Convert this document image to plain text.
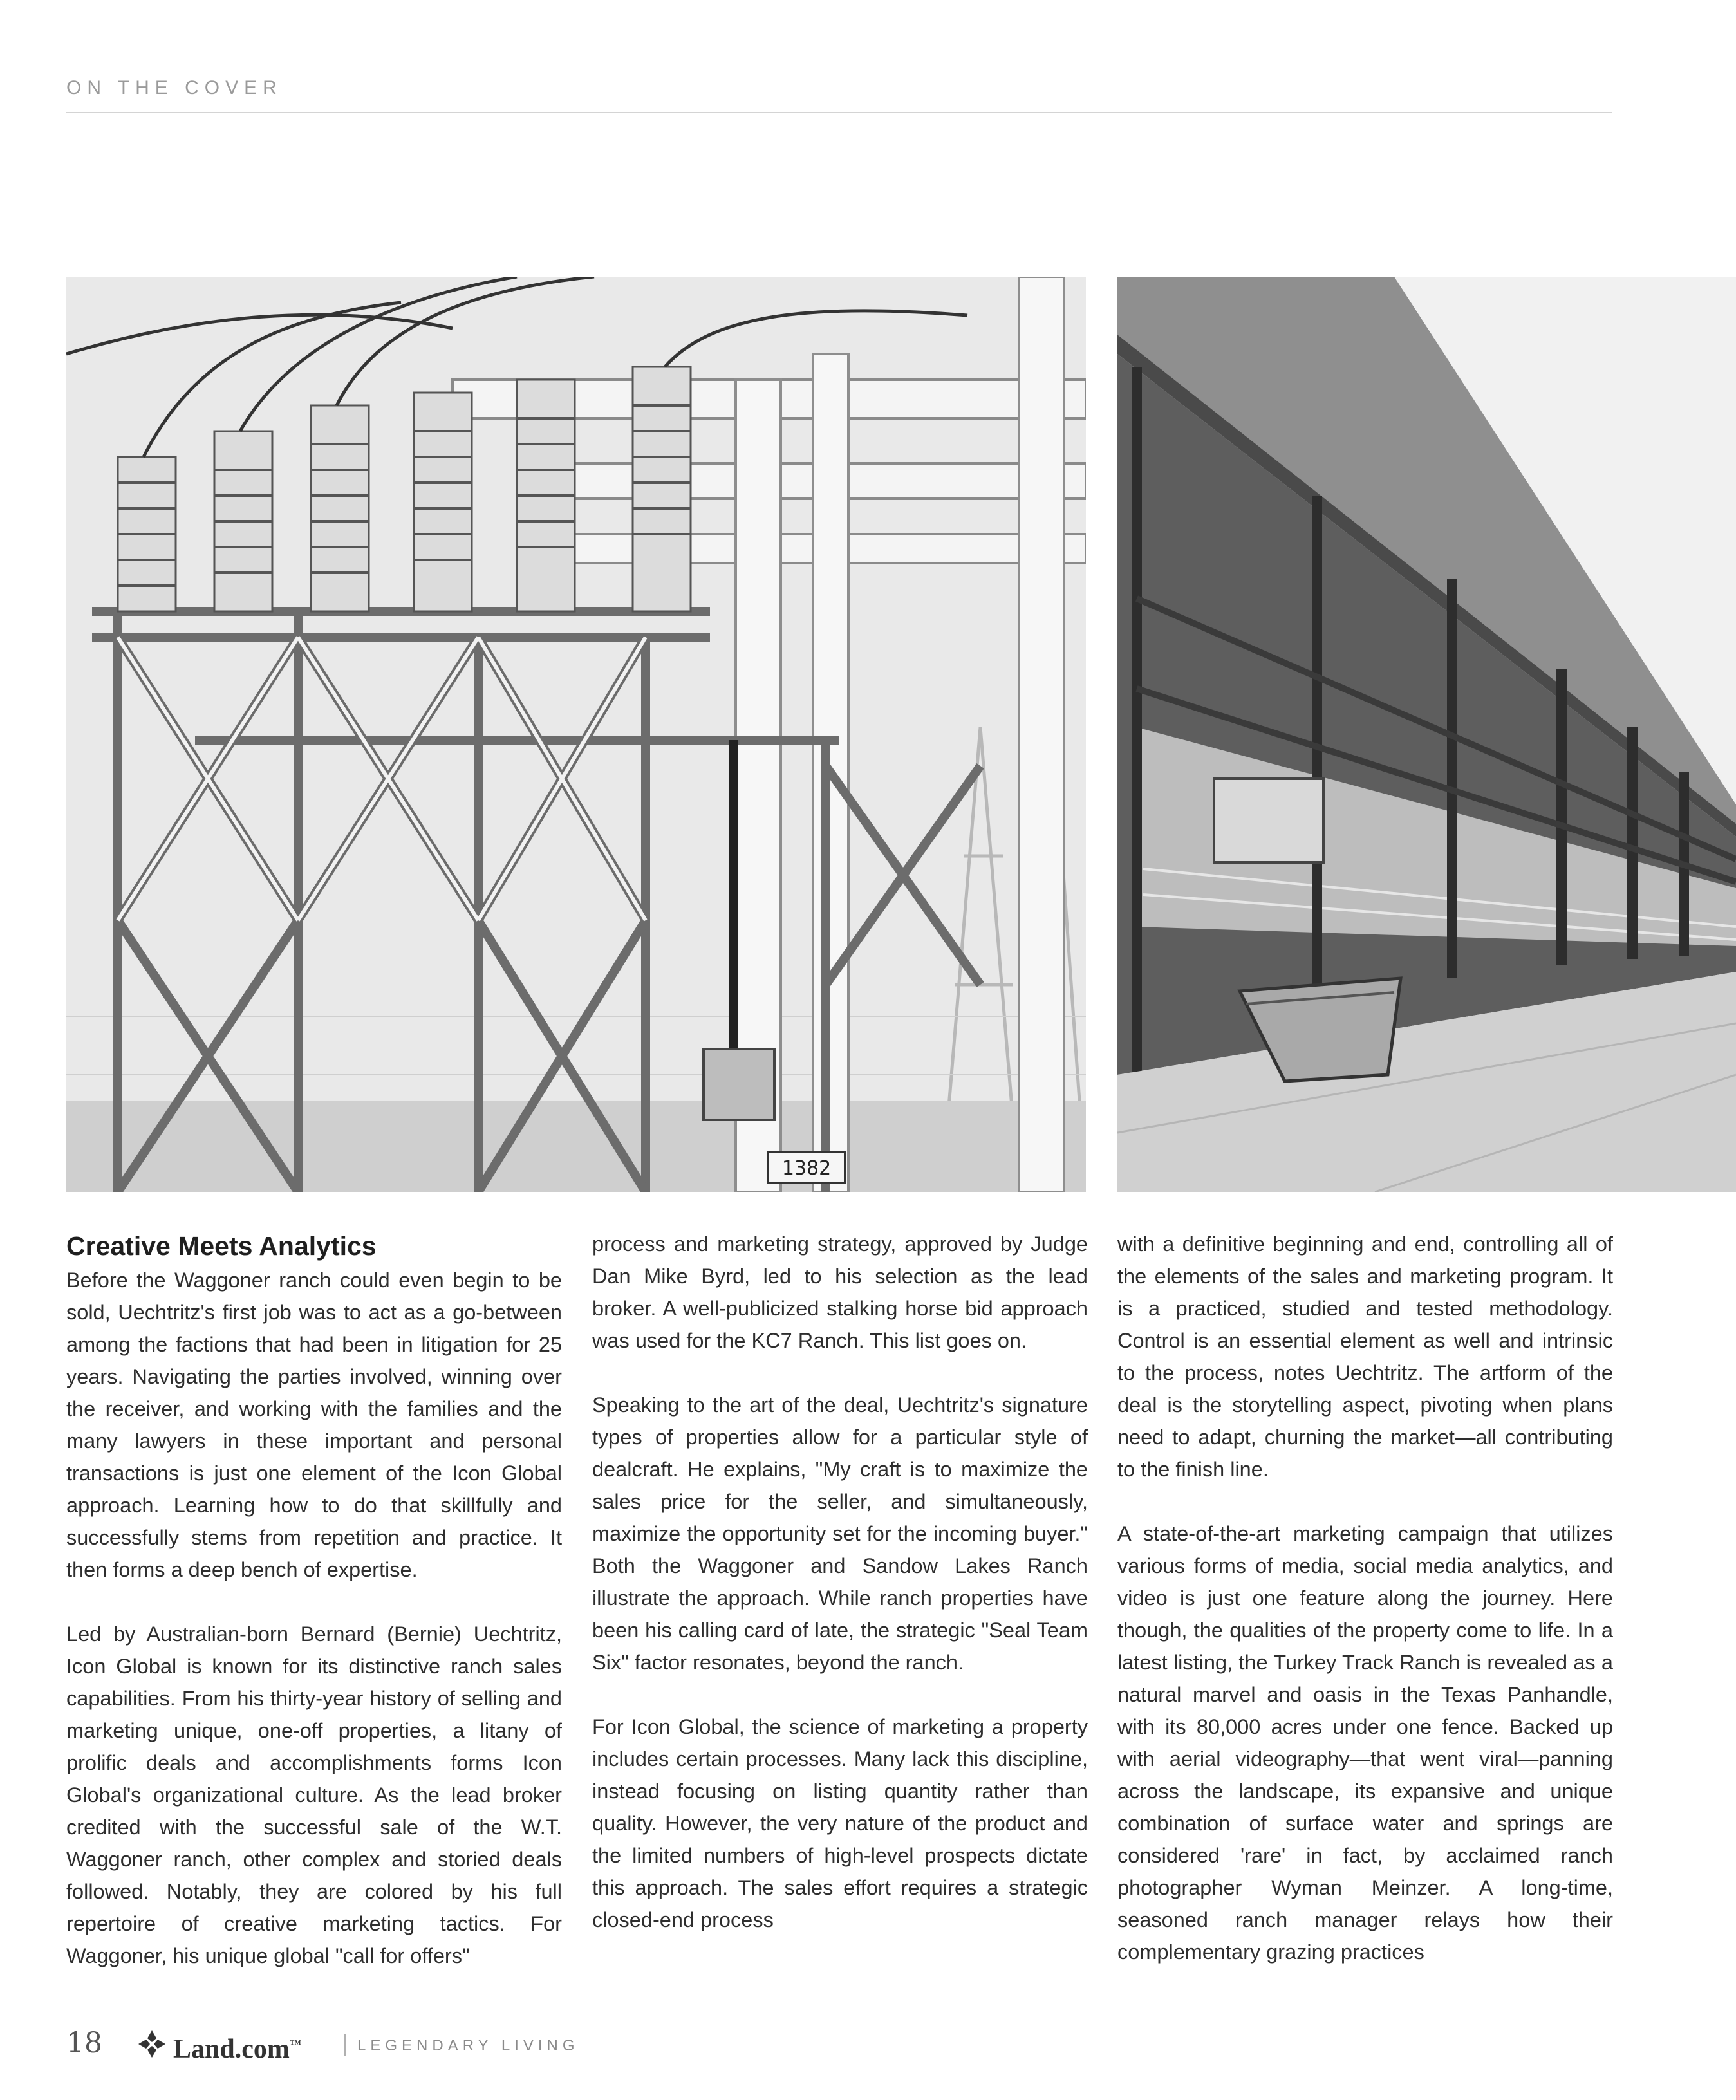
ON THE COVER
1382
Creative Meets Analytics

Before the Waggoner ranch could even begin to be sold, Uechtritz's first job was to act as a go-between among the factions that had been in litigation for 25 years. Navigating the parties involved, winning over the receiver, and working with the families and the many lawyers in these important and personal transactions is just one element of the Icon Global approach. Learning how to do that skillfully and successfully stems from repetition and practice. It then forms a deep bench of expertise.

Led by Australian-born Bernard (Bernie) Uechtritz, Icon Global is known for its distinctive ranch sales capabilities. From his thirty-year history of selling and marketing unique, one-off properties, a litany of prolific deals and accomplishments forms Icon Global's organizational culture. As the lead broker credited with the successful sale of the W.T. Waggoner ranch, other complex and storied deals followed. Notably, they are colored by his full repertoire of creative marketing tactics. For Waggoner, his unique global "call for offers"

process and marketing strategy, approved by Judge Dan Mike Byrd, led to his selection as the lead broker. A well-publicized stalking horse bid approach was used for the KC7 Ranch. This list goes on.

Speaking to the art of the deal, Uechtritz's signature types of properties allow for a particular style of dealcraft. He explains, "My craft is to maximize the sales price for the seller, and simultaneously, maximize the opportunity set for the incoming buyer." Both the Waggoner and Sandow Lakes Ranch illustrate the approach. While ranch properties have been his calling card of late, the strategic "Seal Team Six" factor resonates, beyond the ranch.

For Icon Global, the science of marketing a property includes certain processes. Many lack this discipline, instead focusing on listing quantity rather than quality. However, the very nature of the product and the limited numbers of high-level prospects dictate this approach. The sales effort requires a strategic closed-end process

with a definitive beginning and end, controlling all of the elements of the sales and marketing program. It is a practiced, studied and tested methodology. Control is an essential element as well and intrinsic to the process, notes Uechtritz. The artform of the deal is the storytelling aspect, pivoting when plans need to adapt, churning the market—all contributing to the finish line.

A state-of-the-art marketing campaign that utilizes various forms of media, social media analytics, and video is just one feature along the journey. Here though, the qualities of the property come to life. In a latest listing, the Turkey Track Ranch is revealed as a natural marvel and oasis in the Texas Panhandle, with its 80,000 acres under one fence. Backed up with aerial videography—that went viral—panning across the landscape, its expansive and unique combination of surface water and springs are considered 'rare' in fact, by acclaimed ranch photographer Wyman Meinzer. A long-time, seasoned ranch manager relays how their complementary grazing practices

18	Land.com™	LEGENDARY LIVING
